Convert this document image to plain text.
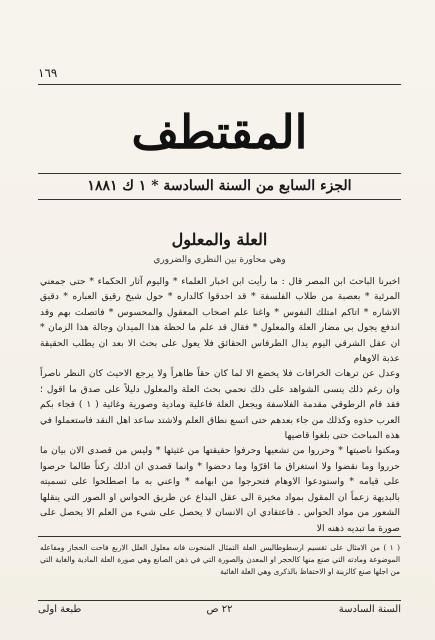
١٦٩
المقتطف
الجزء السابع من السنة السادسة * ١ ك ١٨٨١
العلة والمعلول
وهي محاورة بين النظري والضروري

اخبرنا الباحث ابن المصر قال : ما رأيت ابن اخبار العلماء * واليوم آثار الحكماء * حتى جمعني المرئية * بعصبة من طلاب الفلسفة * قد احدقوا كالداره * حول شيخ رقيق العباره * دقيق الاشاره * اتاكم امتلك النفوس * واغنا علم اصحاب المعقول والمحسوس * فاتصلت بهم وقد اندفع يجول بي مضار العلة والمعلول * فقال قد علم ما لحظة هذا الميدان وجالة هذا الزمان * ان عقل الشرقي اليوم يدال الطرفاس الحقائق فلا يعول على بحث الا بعد ان يطلب الحقيقة عذبة الاوهام

وعدل عن ترهات الخرافات فلا يخضع الا لما كان حقاً ظاهراً ولا يرجع الاحيث كان النظر ناصراً وان رغم ذلك ينسى الشواهد على ذلك نحمي بحث العلة والمعلول دليلاً على صدق ما اقول ؛ فقد قام الرطوقي مقدمة الفلاسفة ويجعل العلة فاعلية ومادية وصورية وغائية ( ١ ) فجاء بكم العرب حذوه وكذلك من جاء بعدهم حتى اتسع نطاق العلم ولاشتد ساعد اهل النقد فاستعملوا في هذه المباحث حتى بلغوا قاصيها

ومكنوا ناصيتها * وحرروا من تشعيها وحرفوا حقيقتها من غثيثها * وليس من قصدي الان بيان ما حرروا وما نقضوا ولا استغراق ما اقرّوا وما دحضوا * وانما قصدي ان ادلك ركناً طالما حرصوا على قيامه * واستودعوا الاوهام فتحرجوا من ابهامه * واعني به ما اصطلحوا على تسميته بالبديهة زعماً ان المقول بمواد مخيرة الى عقل البداع عن طريق الحواس او الصور التي ينقلها الشعور من مواد الحواس . فاعتقادي ان الانسان لا يحصل على شيء من العلم الا يحصل على صورة ما تبديه ذهنه الا

( ١ ) من الامثال على تقسيم ارسطوطاليس العلة التمثال المنحوت فانه معلول العلل الاربع فاحت الحجاز ومفاعله الموضوعة ومادته التي صنع منها كالحجر او المعدن والصورة التي في ذهن الصانع وهي صورة العلة المادية والغاية التي من اجلها صنع كالزينة او الاحتفاظ بالذكرى وهي العلة الغائية

السنة السادسة
٢٢ ص
طبعة اولى
